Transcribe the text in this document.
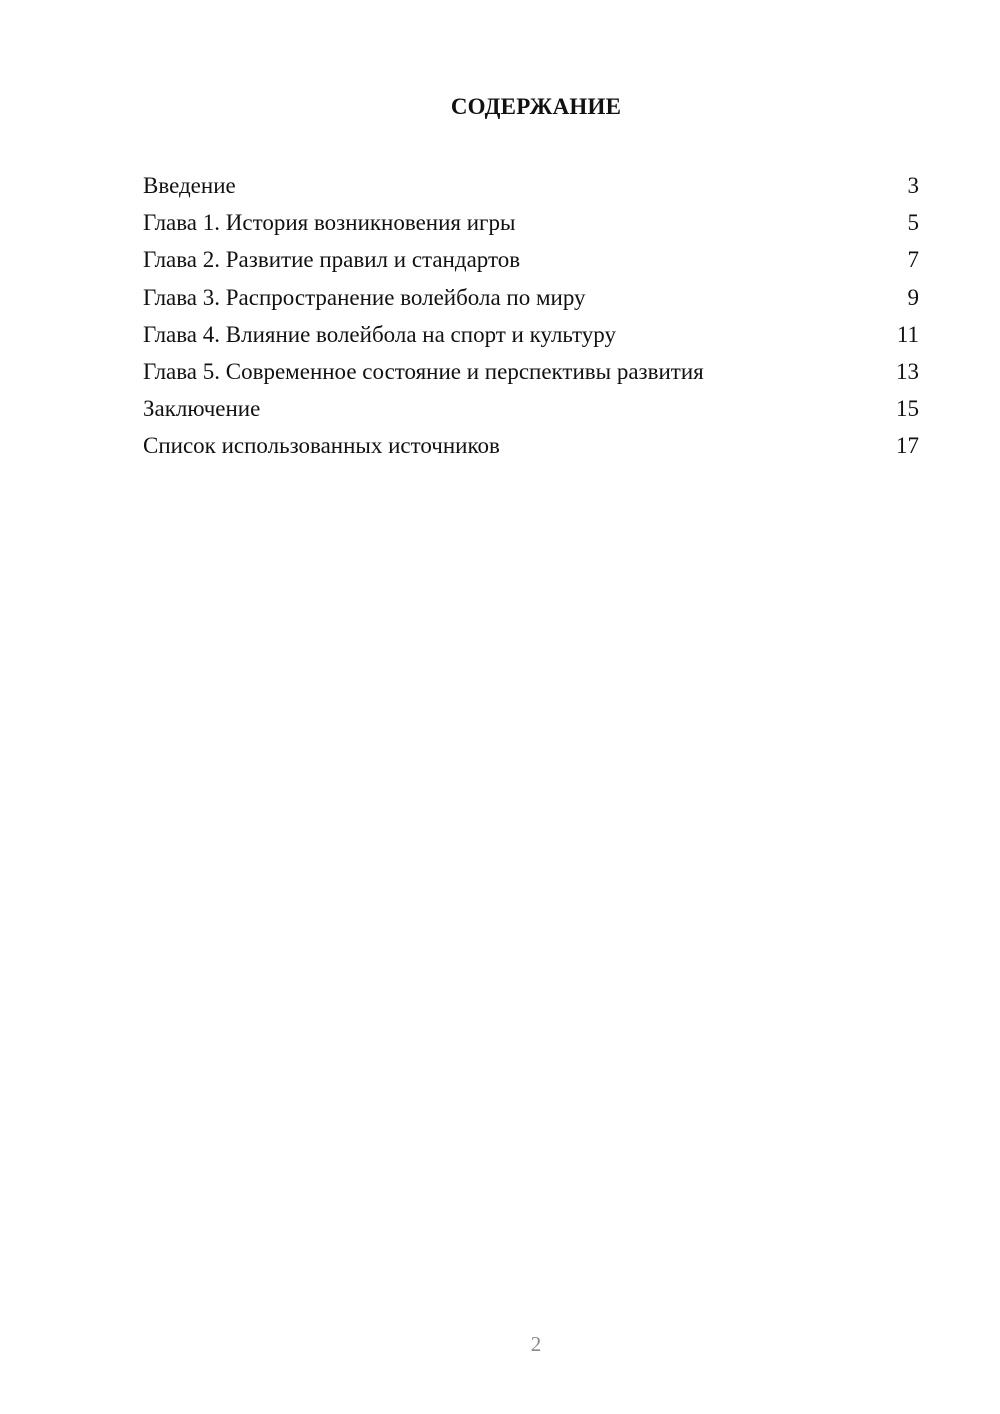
СОДЕРЖАНИЕ
Введение	3
Глава 1. История возникновения игры	5
Глава 2. Развитие правил и стандартов	7
Глава 3. Распространение волейбола по миру	9
Глава 4. Влияние волейбола на спорт и культуру	11
Глава 5. Современное состояние и перспективы развития	13
Заключение	15
Список использованных источников	17
2
